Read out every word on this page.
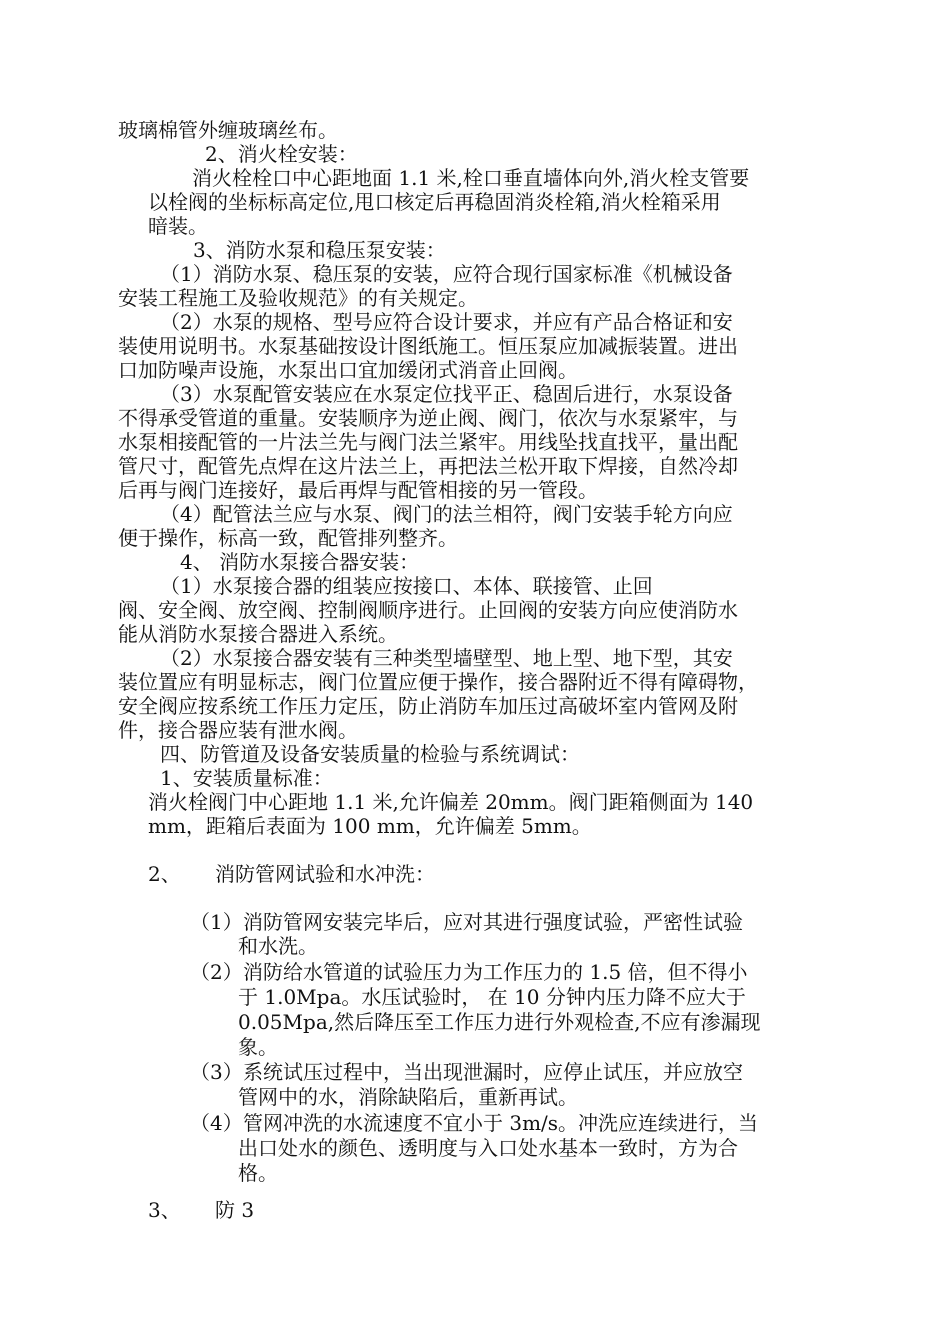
玻璃棉管外缠玻璃丝布。
2、消火栓安装：
消火栓栓口中心距地面 1.1 米,栓口垂直墙体向外,消火栓支管要
以栓阀的坐标标高定位,甩口核定后再稳固消炎栓箱,消火栓箱采用
暗装。
3、消防水泵和稳压泵安装：
（1）消防水泵、稳压泵的安装，应符合现行国家标准《机械设备
安装工程施工及验收规范》的有关规定。
（2）水泵的规格、型号应符合设计要求，并应有产品合格证和安
装使用说明书。水泵基础按设计图纸施工。恒压泵应加减振装置。进出
口加防噪声设施，水泵出口宜加缓闭式消音止回阀。
（3）水泵配管安装应在水泵定位找平正、稳固后进行，水泵设备
不得承受管道的重量。安装顺序为逆止阀、阀门，依次与水泵紧牢，与
水泵相接配管的一片法兰先与阀门法兰紧牢。用线坠找直找平，量出配
管尺寸，配管先点焊在这片法兰上，再把法兰松开取下焊接，自然冷却
后再与阀门连接好，最后再焊与配管相接的另一管段。
（4）配管法兰应与水泵、阀门的法兰相符，阀门安装手轮方向应
便于操作，标高一致，配管排列整齐。
4、 消防水泵接合器安装：
（1）水泵接合器的组装应按接口、本体、联接管、止回
阀、安全阀、放空阀、控制阀顺序进行。止回阀的安装方向应使消防水
能从消防水泵接合器进入系统。
（2）水泵接合器安装有三种类型墙壁型、地上型、地下型，其安
装位置应有明显标志，阀门位置应便于操作，接合器附近不得有障碍物，
安全阀应按系统工作压力定压，防止消防车加压过高破坏室内管网及附
件，接合器应装有泄水阀。
四、防管道及设备安装质量的检验与系统调试：
1、安装质量标准：
消火栓阀门中心距地 1.1 米,允许偏差 20mm。阀门距箱侧面为 140
mm，距箱后表面为 100 mm，允许偏差 5mm。
2、 消防管网试验和水冲洗：
（1） 消防管网安装完毕后，应对其进行强度试验，严密性试验
和水洗。
（2） 消防给水管道的试验压力为工作压力的 1.5 倍，但不得小
于 1.0Mpa。水压试验时， 在 10 分钟内压力降不应大于
0.05Mpa,然后降压至工作压力进行外观检查,不应有渗漏现
象。
（3） 系统试压过程中，当出现泄漏时，应停止试压，并应放空
管网中的水，消除缺陷后，重新再试。
（4） 管网冲洗的水流速度不宜小于 3m/s。冲洗应连续进行，当
出口处水的颜色、透明度与入口处水基本一致时，方为合
格。
3、 防 3
